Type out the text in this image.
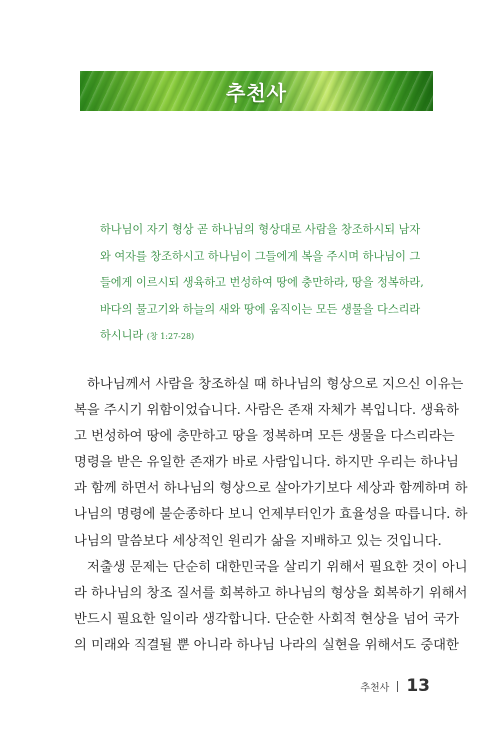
추천사

하나님이 자기 형상 곧 하나님의 형상대로 사람을 창조하시되 남자

와 여자를 창조하시고 하나님이 그들에게 복을 주시며 하나님이 그

들에게 이르시되 생육하고 번성하여 땅에 충만하라, 땅을 정복하라,

바다의 물고기와 하늘의 새와 땅에 움직이는 모든 생물을 다스리라

하시니라 (창 1:27-28)

하나님께서 사람을 창조하실 때 하나님의 형상으로 지으신 이유는

복을 주시기 위함이었습니다. 사람은 존재 자체가 복입니다. 생육하

고 번성하여 땅에 충만하고 땅을 정복하며 모든 생물을 다스리라는

명령을 받은 유일한 존재가 바로 사람입니다. 하지만 우리는 하나님

과 함께 하면서 하나님의 형상으로 살아가기보다 세상과 함께하며 하

나님의 명령에 불순종하다 보니 언제부터인가 효율성을 따릅니다. 하

나님의 말씀보다 세상적인 원리가 삶을 지배하고 있는 것입니다.

저출생 문제는 단순히 대한민국을 살리기 위해서 필요한 것이 아니

라 하나님의 창조 질서를 회복하고 하나님의 형상을 회복하기 위해서

반드시 필요한 일이라 생각합니다. 단순한 사회적 현상을 넘어 국가

의 미래와 직결될 뿐 아니라 하나님 나라의 실현을 위해서도 중대한

추천사 13
